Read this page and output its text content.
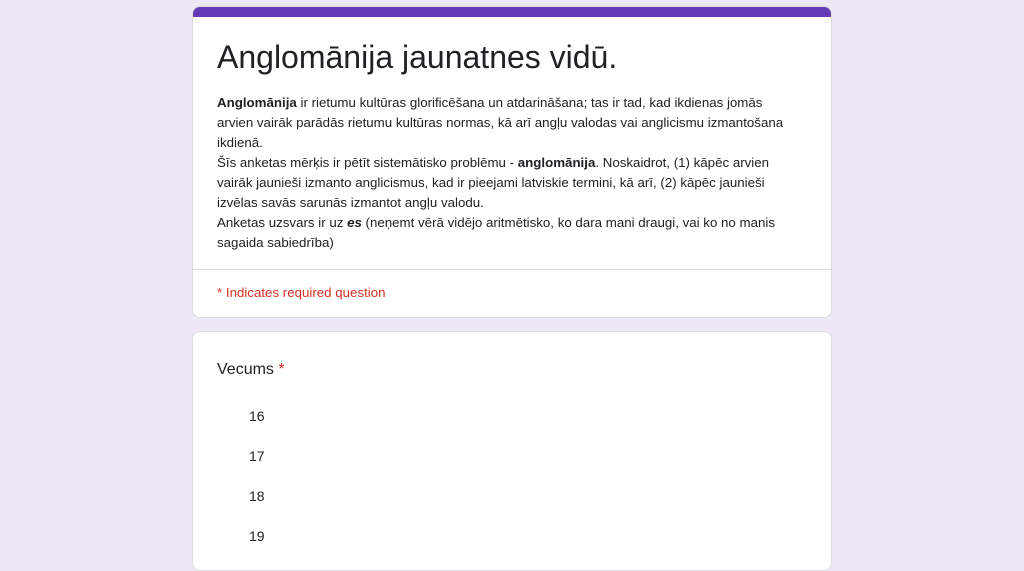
Anglomānija jaunatnes vidū.

Anglomānija ir rietumu kultūras glorificēšana un atdarināšana; tas ir tad, kad ikdienas jomās arvien vairāk parādās rietumu kultūras normas, kā arī angļu valodas vai anglicismu izmantošana ikdienā.

Šīs anketas mērķis ir pētīt sistemātisko problēmu - anglomānija. Noskaidrot, (1) kāpēc arvien vairāk jaunieši izmanto anglicismus, kad ir pieejami latviskie termini, kā arī, (2) kāpēc jaunieši izvēlas savās sarunās izmantot angļu valodu.

Anketas uzsvars ir uz es (neņemt vērā vidējo aritmētisko, ko dara mani draugi, vai ko no manis sagaida sabiedrība)

* Indicates required question
Vecums *
16
17
18
19
